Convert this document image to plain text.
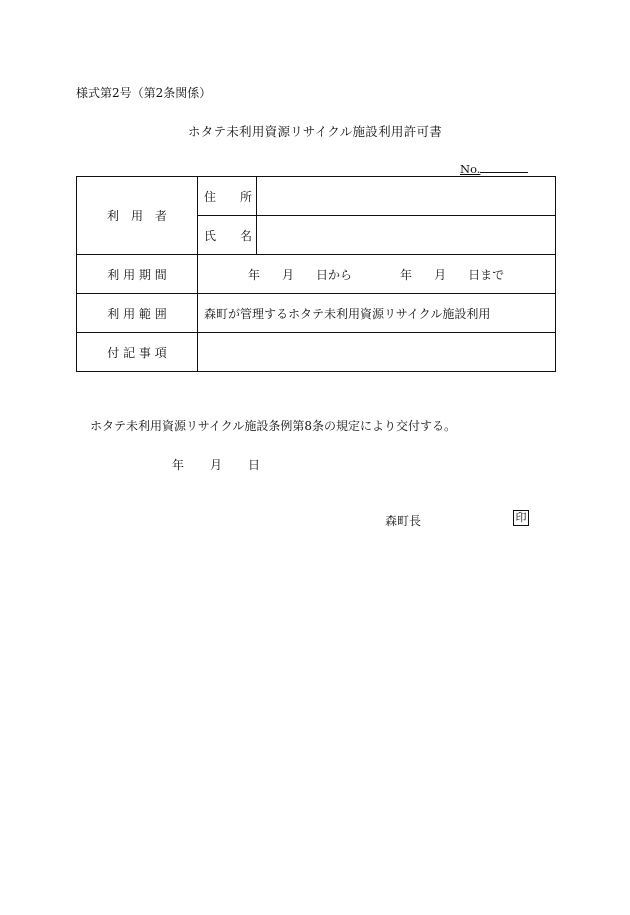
様式第2号（第2条関係）
ホタテ未利用資源リサイクル施設利用許可書
No.
利　用　者	住　　所	
	氏　　名	
利 用 期 間	年 月 日から 年 月 日まで	
利 用 範 囲	森町が管理するホタテ未利用資源リサイクル施設利用	
付 記 事 項		
ホタテ未利用資源リサイクル施設条例第8条の規定により交付する。
年 月 日
森町長	印
